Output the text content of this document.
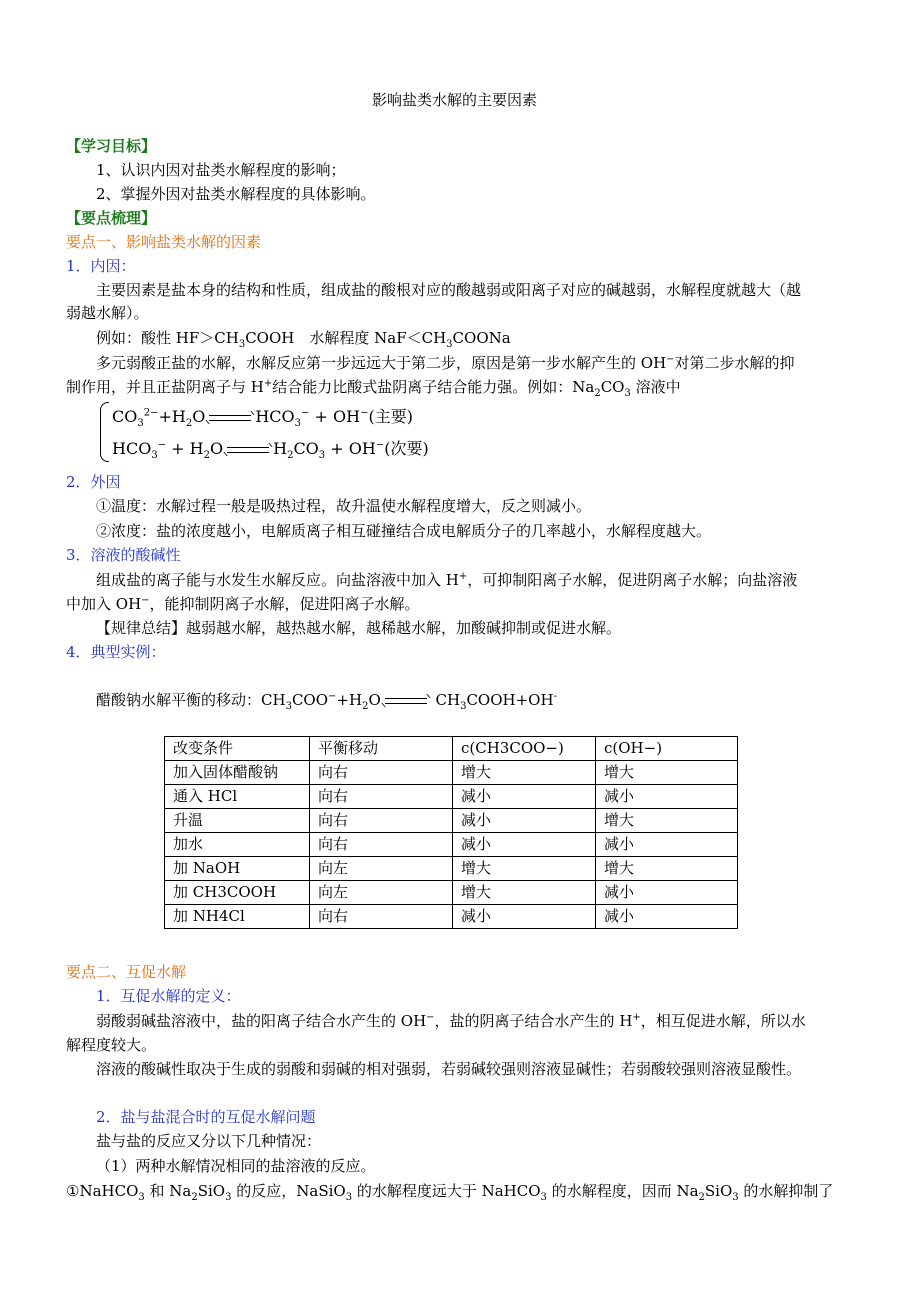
影响盐类水解的主要因素
【学习目标】
1、认识内因对盐类水解程度的影响；
2、掌握外因对盐类水解程度的具体影响。
【要点梳理】
要点一、影响盐类水解的因素
1．内因：
主要因素是盐本身的结构和性质，组成盐的酸根对应的酸越弱或阳离子对应的碱越弱，水解程度就越大（越
弱越水解）。
例如：酸性 $HF>CH_3COOH$　水解程度 $NaF<CH_3COONa$
多元弱酸正盐的水解，水解反应第一步远远大于第二步，原因是第一步水解产生的 OH−对第二步水解的抑
制作用，并且正盐阴离子与 H+结合能力比酸式盐阴离子结合能力强。例如：$Na_2CO_3$ 溶液中
$CO_3^{2-}+H_2O$	$HCO_3^- + OH^-$(主要)
$HCO_3^- + H_2O$	$H_2CO_3 + OH^-$(次要)
2．外因
①温度：水解过程一般是吸热过程，故升温使水解程度增大，反之则减小。
②浓度：盐的浓度越小，电解质离子相互碰撞结合成电解质分子的几率越小，水解程度越大。
3．溶液的酸碱性
组成盐的离子能与水发生水解反应。向盐溶液中加入 H+，可抑制阳离子水解，促进阴离子水解；向盐溶液
中加入 OH−，能抑制阴离子水解，促进阳离子水解。
【规律总结】越弱越水解，越热越水解，越稀越水解，加酸碱抑制或促进水解。
4．典型实例：
醋酸钠水解平衡的移动：$CH_3COO^-+H_2O$	$CH_3COOH+OH^-$
改变条件	平衡移动	c(CH3COO−)	c(OH−)
加入固体醋酸钠	向右	增大	增大
通入 HCl	向右	减小	减小
升温	向右	减小	增大
加水	向右	减小	减小
加 NaOH	向左	增大	增大
加 CH3COOH	向左	增大	减小
加 NH4Cl	向右	减小	减小
要点二、互促水解
1．互促水解的定义：
弱酸弱碱盐溶液中，盐的阳离子结合水产生的 OH−，盐的阴离子结合水产生的 H+，相互促进水解，所以水
解程度较大。
溶液的酸碱性取决于生成的弱酸和弱碱的相对强弱，若弱碱较强则溶液显碱性；若弱酸较强则溶液显酸性。
2．盐与盐混合时的互促水解问题
盐与盐的反应又分以下几种情况：
（1）两种水解情况相同的盐溶液的反应。
①NaHCO$_3$ 和 $Na_2SiO_3$ 的反应，NaSiO$_3$ 的水解程度远大于 NaHCO$_3$ 的水解程度，因而 $Na_2SiO_3$ 的水解抑制了
